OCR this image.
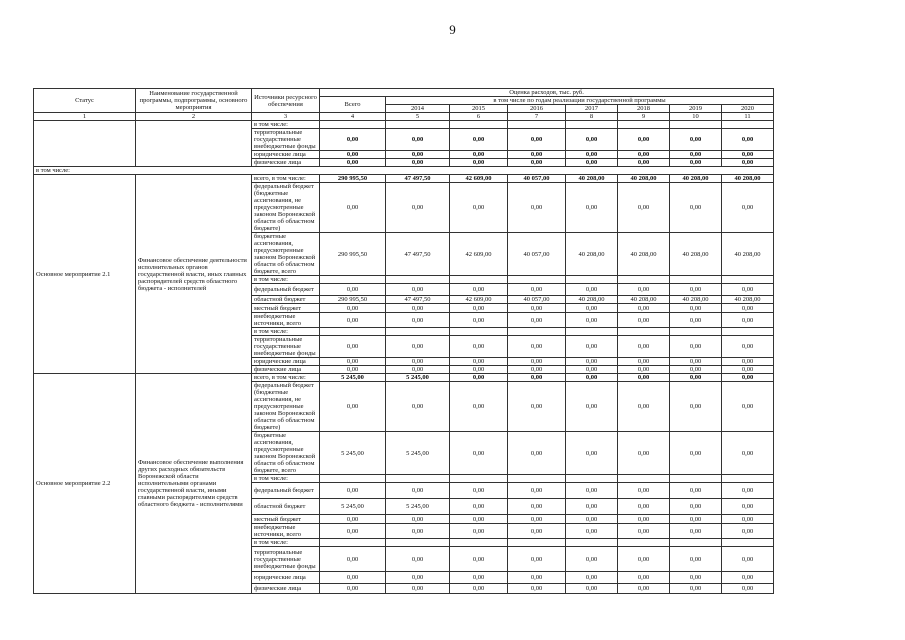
9
Статус	Наименование государственной программы, подпрограммы, основного мероприятия	Источники ресурсного обеспечения	Оценка расходов, тыс. руб.							
			Всего	в том числе по годам реализации государственной программы						
				2014	2015	2016	2017	2018	2019	2020
1	2	3	4	5	6	7	8	9	10	11
		в том числе:								
		территориальные государственные внебюджетные фонды	0,00	0,00	0,00	0,00	0,00	0,00	0,00	0,00
		юридические лица	0,00	0,00	0,00	0,00	0,00	0,00	0,00	0,00
		физические лица	0,00	0,00	0,00	0,00	0,00	0,00	0,00	0,00
в том числе:										
Основное мероприятие 2.1	Финансовое обеспечение деятельности исполнительных органов государственной власти, иных главных распорядителей средств областного бюджета - исполнителей	всего, в том числе:	290 995,50	47 497,50	42 609,00	40 057,00	40 208,00	40 208,00	40 208,00	40 208,00
		федеральный бюджет (бюджетные ассигнования, не предусмотренные законом Воронежской области об областном бюджете)	0,00	0,00	0,00	0,00	0,00	0,00	0,00	0,00
		бюджетные ассигнования, предусмотренные законом Воронежской области об областном бюджете, всего	290 995,50	47 497,50	42 609,00	40 057,00	40 208,00	40 208,00	40 208,00	40 208,00
		в том числе:								
		федеральный бюджет	0,00	0,00	0,00	0,00	0,00	0,00	0,00	0,00
		областной бюджет	290 995,50	47 497,50	42 609,00	40 057,00	40 208,00	40 208,00	40 208,00	40 208,00
		местный бюджет	0,00	0,00	0,00	0,00	0,00	0,00	0,00	0,00
		внебюджетные источники, всего	0,00	0,00	0,00	0,00	0,00	0,00	0,00	0,00
		в том числе:								
		территориальные государственные внебюджетные фонды	0,00	0,00	0,00	0,00	0,00	0,00	0,00	0,00
		юридические лица	0,00	0,00	0,00	0,00	0,00	0,00	0,00	0,00
		физические лица	0,00	0,00	0,00	0,00	0,00	0,00	0,00	0,00
Основное мероприятие 2.2	Финансовое обеспечение выполнения других расходных обязательств Воронежской области исполнительными органами государственной власти, иными главными распорядителями средств областного бюджета - исполнителями	всего, в том числе:	5 245,00	5 245,00	0,00	0,00	0,00	0,00	0,00	0,00
		федеральный бюджет (бюджетные ассигнования, не предусмотренные законом Воронежской области об областном бюджете)	0,00	0,00	0,00	0,00	0,00	0,00	0,00	0,00
		бюджетные ассигнования, предусмотренные законом Воронежской области об областном бюджете, всего	5 245,00	5 245,00	0,00	0,00	0,00	0,00	0,00	0,00
		в том числе:								
		федеральный бюджет	0,00	0,00	0,00	0,00	0,00	0,00	0,00	0,00
		областной бюджет	5 245,00	5 245,00	0,00	0,00	0,00	0,00	0,00	0,00
		местный бюджет	0,00	0,00	0,00	0,00	0,00	0,00	0,00	0,00
		внебюджетные источники, всего	0,00	0,00	0,00	0,00	0,00	0,00	0,00	0,00
		в том числе:								
		территориальные государственные внебюджетные фонды	0,00	0,00	0,00	0,00	0,00	0,00	0,00	0,00
		юридические лица	0,00	0,00	0,00	0,00	0,00	0,00	0,00	0,00
		физические лица	0,00	0,00	0,00	0,00	0,00	0,00	0,00	0,00
